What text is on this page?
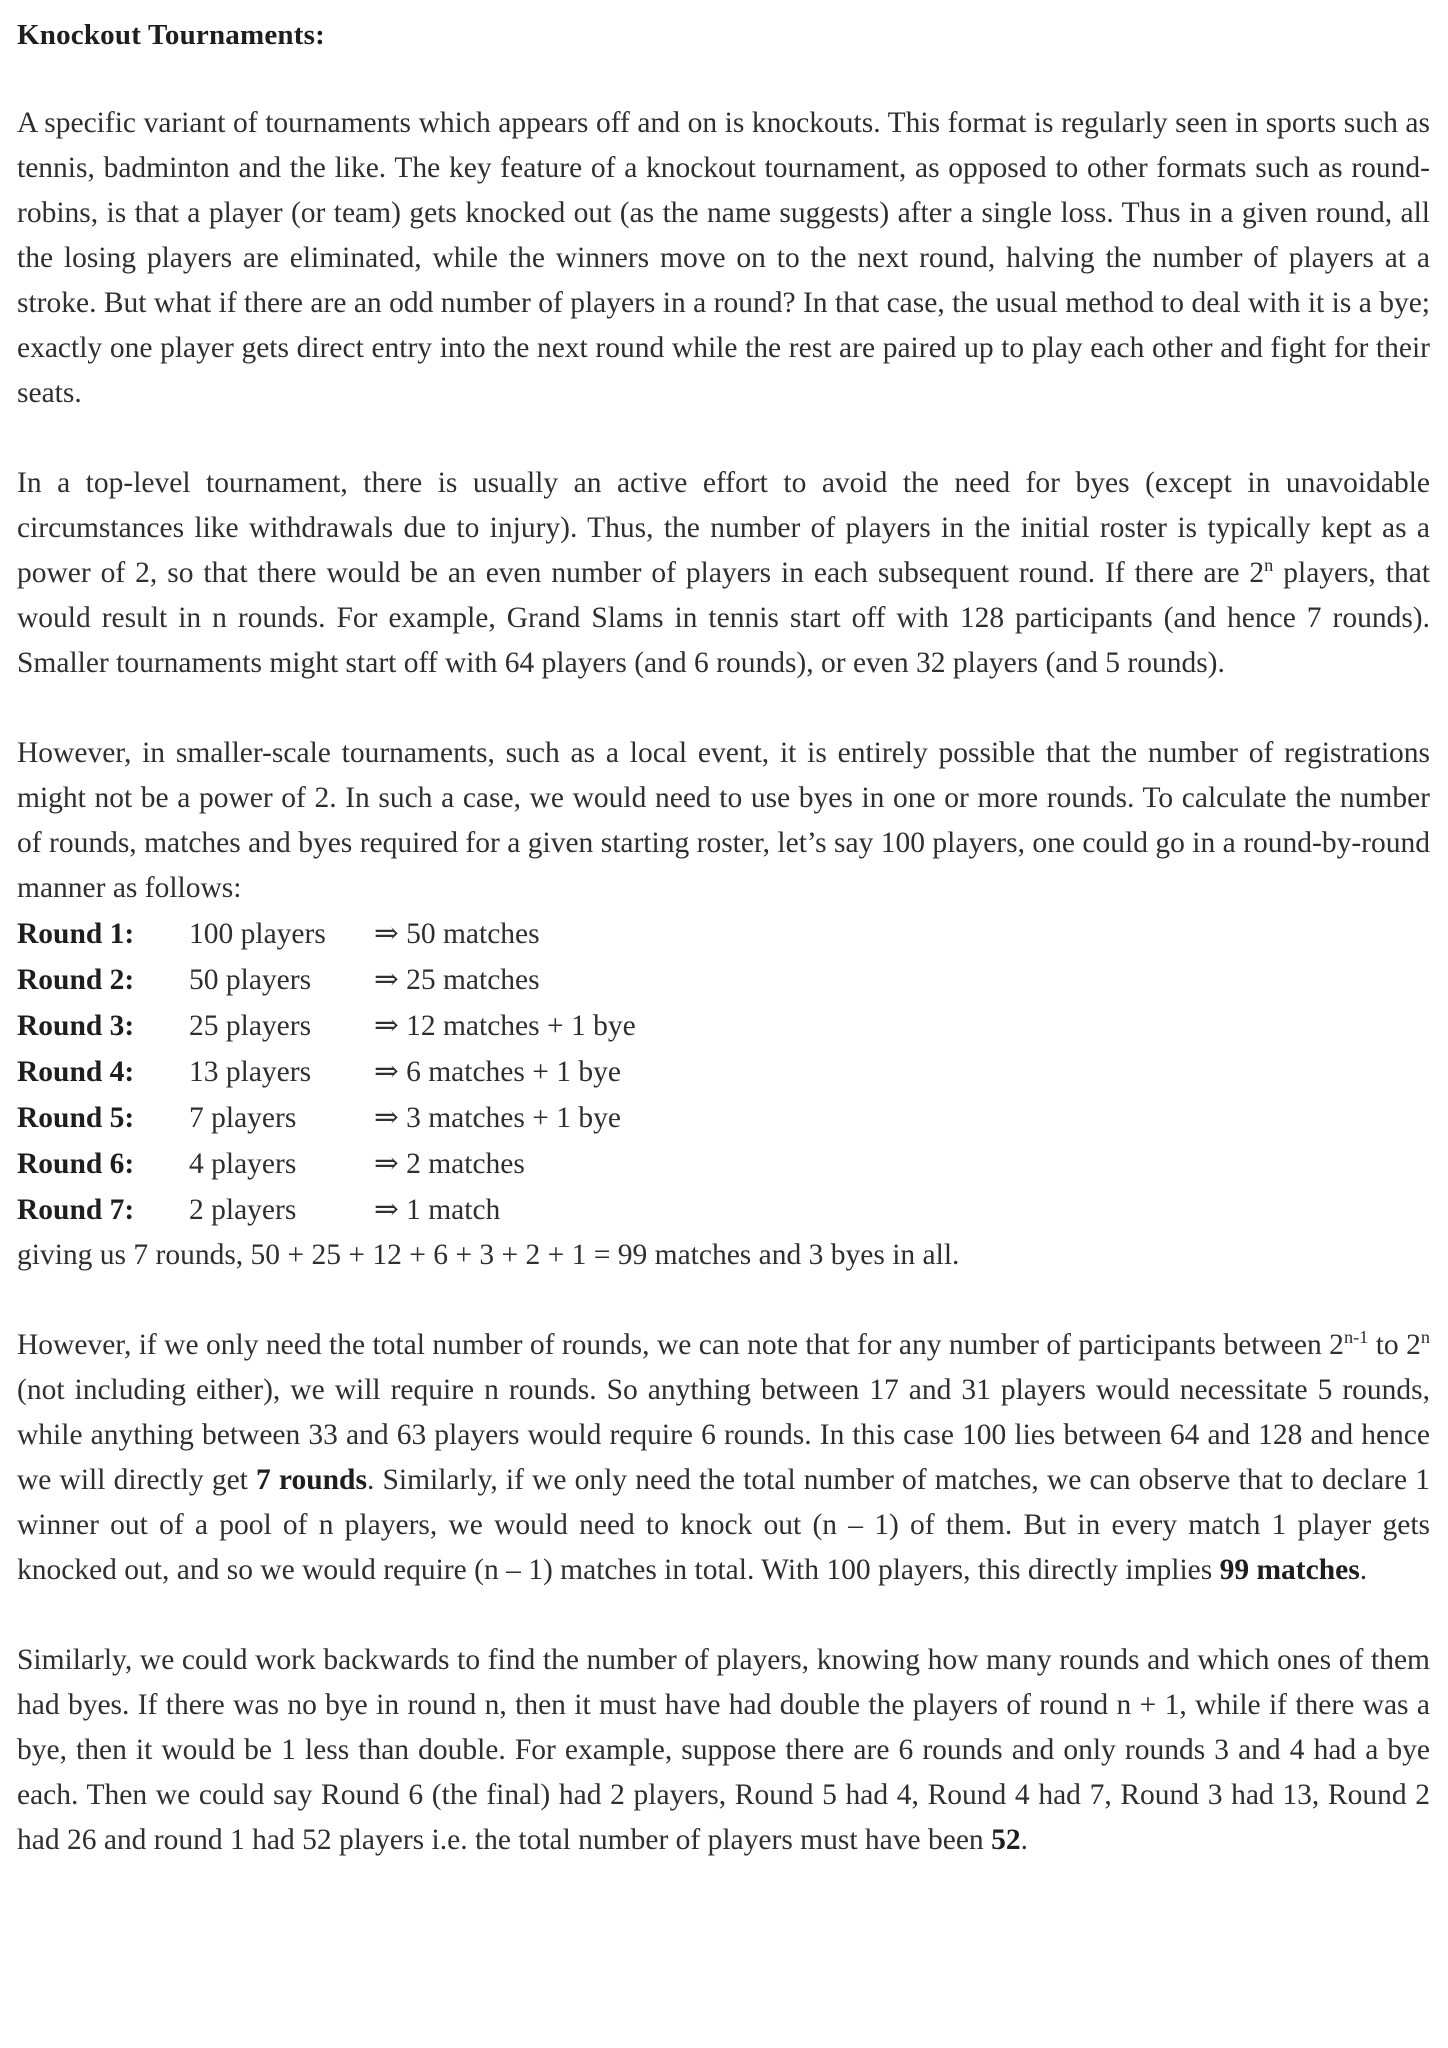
Knockout Tournaments:

A specific variant of tournaments which appears off and on is knockouts. This format is regularly seen in sports such as tennis, badminton and the like. The key feature of a knockout tournament, as opposed to other formats such as round-robins, is that a player (or team) gets knocked out (as the name suggests) after a single loss. Thus in a given round, all the losing players are eliminated, while the winners move on to the next round, halving the number of players at a stroke. But what if there are an odd number of players in a round? In that case, the usual method to deal with it is a bye; exactly one player gets direct entry into the next round while the rest are paired up to play each other and fight for their seats.

In a top-level tournament, there is usually an active effort to avoid the need for byes (except in unavoidable circumstances like withdrawals due to injury). Thus, the number of players in the initial roster is typically kept as a power of 2, so that there would be an even number of players in each subsequent round. If there are 2$^n$ players, that would result in n rounds. For example, Grand Slams in tennis start off with 128 participants (and hence 7 rounds). Smaller tournaments might start off with 64 players (and 6 rounds), or even 32 players (and 5 rounds).

However, in smaller-scale tournaments, such as a local event, it is entirely possible that the number of registrations might not be a power of 2. In such a case, we would need to use byes in one or more rounds. To calculate the number of rounds, matches and byes required for a given starting roster, let’s say 100 players, one could go in a round-by-round manner as follows:

Round 1:	100 players	⇒ 50 matches
Round 2:	50 players	⇒ 25 matches
Round 3:	25 players	⇒ 12 matches + 1 bye
Round 4:	13 players	⇒ 6 matches + 1 bye
Round 5:	7 players	⇒ 3 matches + 1 bye
Round 6:	4 players	⇒ 2 matches
Round 7:	2 players	⇒ 1 match

giving us 7 rounds, 50 + 25 + 12 + 6 + 3 + 2 + 1 = 99 matches and 3 byes in all.

However, if we only need the total number of rounds, we can note that for any number of participants between 2$^{n-1}$ to 2$^n$ (not including either), we will require n rounds. So anything between 17 and 31 players would necessitate 5 rounds, while anything between 33 and 63 players would require 6 rounds. In this case 100 lies between 64 and 128 and hence we will directly get 7 rounds. Similarly, if we only need the total number of matches, we can observe that to declare 1 winner out of a pool of n players, we would need to knock out (n – 1) of them. But in every match 1 player gets knocked out, and so we would require (n – 1) matches in total. With 100 players, this directly implies 99 matches.

Similarly, we could work backwards to find the number of players, knowing how many rounds and which ones of them had byes. If there was no bye in round n, then it must have had double the players of round n + 1, while if there was a bye, then it would be 1 less than double. For example, suppose there are 6 rounds and only rounds 3 and 4 had a bye each. Then we could say Round 6 (the final) had 2 players, Round 5 had 4, Round 4 had 7, Round 3 had 13, Round 2 had 26 and round 1 had 52 players i.e. the total number of players must have been 52.
